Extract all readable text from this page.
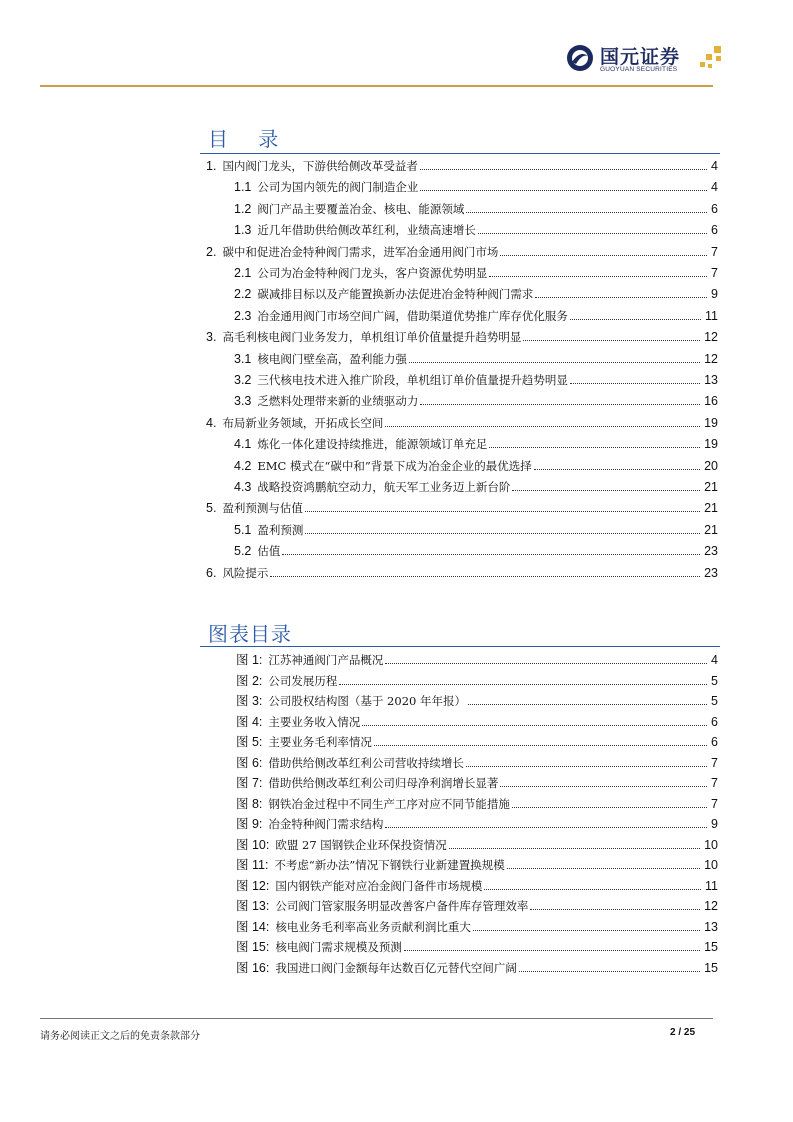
国元证券
GUOYUAN SECURITIES
目 录
1. 国内阀门龙头，下游供给侧改革受益者	4
1.1 公司为国内领先的阀门制造企业	4
1.2 阀门产品主要覆盖冶金、核电、能源领域	6
1.3 近几年借助供给侧改革红利，业绩高速增长	6
2. 碳中和促进冶金特种阀门需求，进军冶金通用阀门市场	7
2.1 公司为冶金特种阀门龙头，客户资源优势明显	7
2.2 碳减排目标以及产能置换新办法促进冶金特种阀门需求	9
2.3 冶金通用阀门市场空间广阔，借助渠道优势推广库存优化服务	11
3. 高毛利核电阀门业务发力，单机组订单价值量提升趋势明显	12
3.1 核电阀门壁垒高，盈利能力强	12
3.2 三代核电技术进入推广阶段，单机组订单价值量提升趋势明显	13
3.3 乏燃料处理带来新的业绩驱动力	16
4. 布局新业务领域，开拓成长空间	19
4.1 炼化一体化建设持续推进，能源领域订单充足	19
4.2 EMC 模式在“碳中和”背景下成为冶金企业的最优选择	20
4.3 战略投资鸿鹏航空动力，航天军工业务迈上新台阶	21
5. 盈利预测与估值	21
5.1 盈利预测	21
5.2 估值	23
6. 风险提示	23
图表目录
图 1: 江苏神通阀门产品概况	4
图 2: 公司发展历程	5
图 3: 公司股权结构图（基于 2020 年年报）	5
图 4: 主要业务收入情况	6
图 5: 主要业务毛利率情况	6
图 6: 借助供给侧改革红利公司营收持续增长	7
图 7: 借助供给侧改革红利公司归母净利润增长显著	7
图 8: 钢铁冶金过程中不同生产工序对应不同节能措施	7
图 9: 冶金特种阀门需求结构	9
图 10: 欧盟 27 国钢铁企业环保投资情况	10
图 11: 不考虑“新办法”情况下钢铁行业新建置换规模	10
图 12: 国内钢铁产能对应冶金阀门备件市场规模	11
图 13: 公司阀门管家服务明显改善客户备件库存管理效率	12
图 14: 核电业务毛利率高业务贡献利润比重大	13
图 15: 核电阀门需求规模及预测	15
图 16: 我国进口阀门金额每年达数百亿元替代空间广阔	15
请务必阅读正文之后的免责条款部分	2 / 25
